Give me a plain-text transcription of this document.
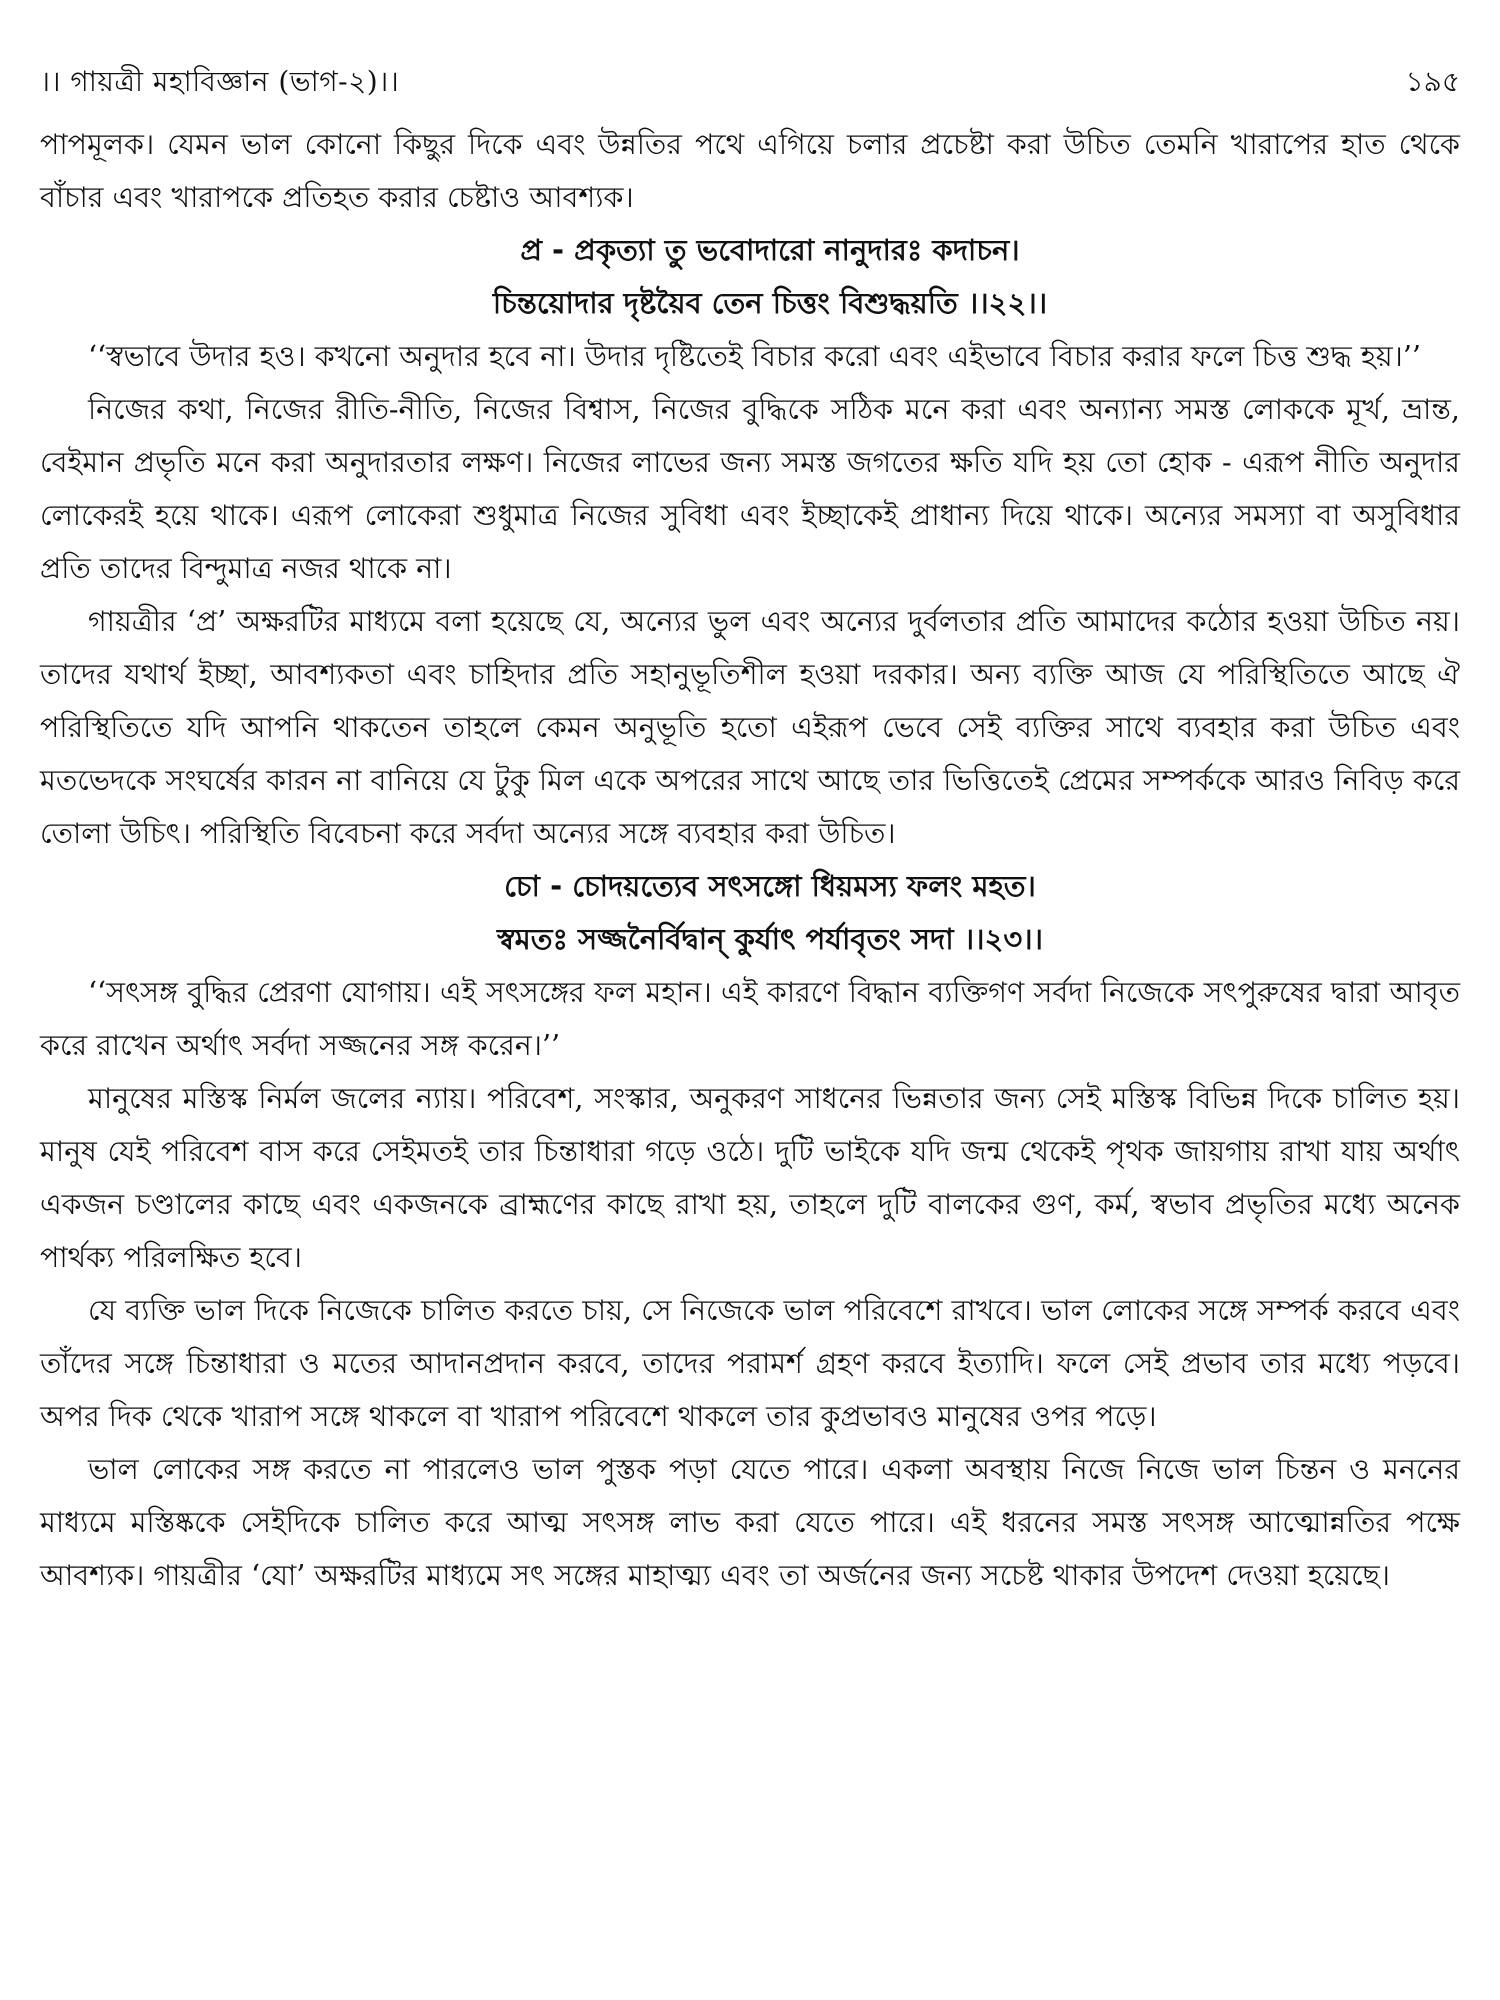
।। গায়ত্রী মহাবিজ্ঞান (ভাগ-২)।।	১৯৫

পাপমূলক। যেমন ভাল কোনো কিছুর দিকে এবং উন্নতির পথে এগিয়ে চলার প্রচেষ্টা করা উচিত তেমনি খারাপের হাত থেকে বাঁচার এবং খারাপকে প্রতিহত করার চেষ্টাও আবশ্যক।

প্র - প্রকৃত্যা তু ভবোদারো নানুদারঃ কদাচন।

চিন্তয়োদার দৃষ্টয়ৈব তেন চিত্তং বিশুদ্ধয়তি ।।২২।।

‘‘স্বভাবে উদার হও। কখনো অনুদার হবে না। উদার দৃষ্টিতেই বিচার করো এবং এইভাবে বিচার করার ফলে চিত্ত শুদ্ধ হয়।’’

নিজের কথা, নিজের রীতি-নীতি, নিজের বিশ্বাস, নিজের বুদ্ধিকে সঠিক মনে করা এবং অন্যান্য সমস্ত লোককে মূর্খ, ভ্রান্ত, বেইমান প্রভৃতি মনে করা অনুদারতার লক্ষণ। নিজের লাভের জন্য সমস্ত জগতের ক্ষতি যদি হয় তো হোক - এরূপ নীতি অনুদার লোকেরই হয়ে থাকে। এরূপ লোকেরা শুধুমাত্র নিজের সুবিধা এবং ইচ্ছাকেই প্রাধান্য দিয়ে থাকে। অন্যের সমস্যা বা অসুবিধার প্রতি তাদের বিন্দুমাত্র নজর থাকে না।

গায়ত্রীর ‘প্র’ অক্ষরটির মাধ্যমে বলা হয়েছে যে, অন্যের ভুল এবং অন্যের দুর্বলতার প্রতি আমাদের কঠোর হওয়া উচিত নয়। তাদের যথার্থ ইচ্ছা, আবশ্যকতা এবং চাহিদার প্রতি সহানুভূতিশীল হওয়া দরকার। অন্য ব্যক্তি আজ যে পরিস্থিতিতে আছে ঐ পরিস্থিতিতে যদি আপনি থাকতেন তাহলে কেমন অনুভূতি হতো এইরূপ ভেবে সেই ব্যক্তির সাথে ব্যবহার করা উচিত এবং মতভেদকে সংঘর্ষের কারন না বানিয়ে যে টুকু মিল একে অপরের সাথে আছে তার ভিত্তিতেই প্রেমের সম্পর্ককে আরও নিবিড় করে তোলা উচিৎ। পরিস্থিতি বিবেচনা করে সর্বদা অন্যের সঙ্গে ব্যবহার করা উচিত।

চো - চোদয়ত্যেব সৎসঙ্গো ধিয়মস্য ফলং মহত।

স্বমতঃ সজ্জনৈর্বিদ্বান্ কুর্যাৎ পর্যাবৃতং সদা ।।২৩।।

‘‘সৎসঙ্গ বুদ্ধির প্রেরণা যোগায়। এই সৎসঙ্গের ফল মহান। এই কারণে বিদ্ধান ব্যক্তিগণ সর্বদা নিজেকে সৎপুরুষের দ্বারা আবৃত করে রাখেন অর্থাৎ সর্বদা সজ্জনের সঙ্গ করেন।’’

মানুষের মস্তিস্ক নির্মল জলের ন্যায়। পরিবেশ, সংস্কার, অনুকরণ সাধনের ভিন্নতার জন্য সেই মস্তিস্ক বিভিন্ন দিকে চালিত হয়। মানুষ যেই পরিবেশ বাস করে সেইমতই তার চিন্তাধারা গড়ে ওঠে। দুটি ভাইকে যদি জন্ম থেকেই পৃথক জায়গায় রাখা যায় অর্থাৎ একজন চণ্ডালের কাছে এবং একজনকে ব্রাহ্মণের কাছে রাখা হয়, তাহলে দুটি বালকের গুণ, কর্ম, স্বভাব প্রভৃতির মধ্যে অনেক পার্থক্য পরিলক্ষিত হবে।

যে ব্যক্তি ভাল দিকে নিজেকে চালিত করতে চায়, সে নিজেকে ভাল পরিবেশে রাখবে। ভাল লোকের সঙ্গে সম্পর্ক করবে এবং তাঁদের সঙ্গে চিন্তাধারা ও মতের আদানপ্রদান করবে, তাদের পরামর্শ গ্রহণ করবে ইত্যাদি। ফলে সেই প্রভাব তার মধ্যে পড়বে। অপর দিক থেকে খারাপ সঙ্গে থাকলে বা খারাপ পরিবেশে থাকলে তার কুপ্রভাবও মানুষের ওপর পড়ে।

ভাল লোকের সঙ্গ করতে না পারলেও ভাল পুস্তক পড়া যেতে পারে। একলা অবস্থায় নিজে নিজে ভাল চিন্তন ও মননের মাধ্যমে মস্তিষ্ককে সেইদিকে চালিত করে আত্ম সৎসঙ্গ লাভ করা যেতে পারে। এই ধরনের সমস্ত সৎসঙ্গ আত্মোন্নতির পক্ষে আবশ্যক। গায়ত্রীর ‘যো’ অক্ষরটির মাধ্যমে সৎ সঙ্গের মাহাত্ম্য এবং তা অর্জনের জন্য সচেষ্ট থাকার উপদেশ দেওয়া হয়েছে।
